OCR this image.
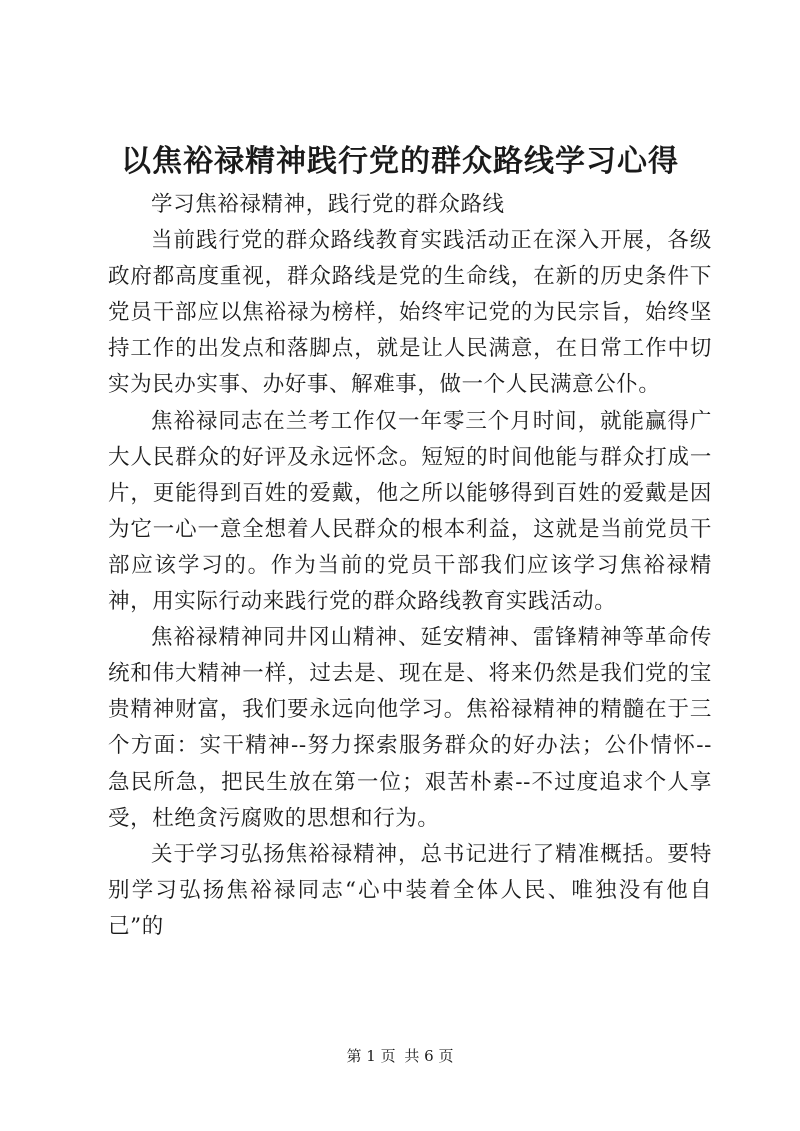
以焦裕禄精神践行党的群众路线学习心得

学习焦裕禄精神，践行党的群众路线

当前践行党的群众路线教育实践活动正在深入开展，各级政府都高度重视，群众路线是党的生命线，在新的历史条件下党员干部应以焦裕禄为榜样，始终牢记党的为民宗旨，始终坚持工作的出发点和落脚点，就是让人民满意，在日常工作中切实为民办实事、办好事、解难事，做一个人民满意公仆。

焦裕禄同志在兰考工作仅一年零三个月时间，就能赢得广大人民群众的好评及永远怀念。短短的时间他能与群众打成一片，更能得到百姓的爱戴，他之所以能够得到百姓的爱戴是因为它一心一意全想着人民群众的根本利益，这就是当前党员干部应该学习的。作为当前的党员干部我们应该学习焦裕禄精神，用实际行动来践行党的群众路线教育实践活动。

焦裕禄精神同井冈山精神、延安精神、雷锋精神等革命传统和伟大精神一样，过去是、现在是、将来仍然是我们党的宝贵精神财富，我们要永远向他学习。焦裕禄精神的精髓在于三个方面：实干精神--努力探索服务群众的好办法；公仆情怀--急民所急，把民生放在第一位；艰苦朴素--不过度追求个人享受，杜绝贪污腐败的思想和行为。

关于学习弘扬焦裕禄精神，总书记进行了精准概括。要特别学习弘扬焦裕禄同志“心中装着全体人民、唯独没有他自己”的

第 1 页 共 6 页
